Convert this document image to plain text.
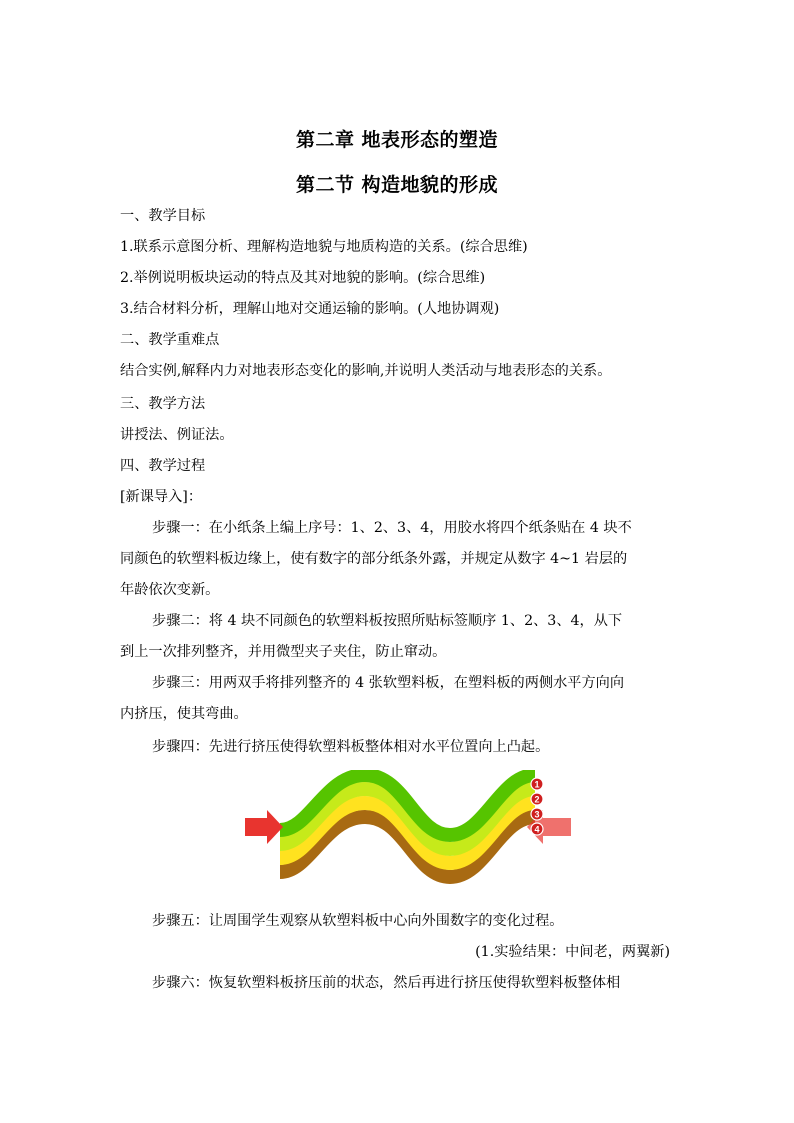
第二章 地表形态的塑造
第二节 构造地貌的形成
一、教学目标
1.联系示意图分析、理解构造地貌与地质构造的关系。(综合思维)
2.举例说明板块运动的特点及其对地貌的影响。(综合思维)
3.结合材料分析，理解山地对交通运输的影响。(人地协调观)
二、教学重难点
结合实例,解释内力对地表形态变化的影响,并说明人类活动与地表形态的关系。
三、教学方法
讲授法、例证法。
四、教学过程
[新课导入]：
步骤一：在小纸条上编上序号：1、2、3、4，用胶水将四个纸条贴在 4 块不
同颜色的软塑料板边缘上，使有数字的部分纸条外露，并规定从数字 4~1 岩层的
年龄依次变新。
步骤二：将 4 块不同颜色的软塑料板按照所贴标签顺序 1、2、3、4，从下
到上一次排列整齐，并用微型夹子夹住，防止窜动。
步骤三：用两双手将排列整齐的 4 张软塑料板，在塑料板的两侧水平方向向
内挤压，使其弯曲。
步骤四：先进行挤压使得软塑料板整体相对水平位置向上凸起。
1
2
3
4
步骤五：让周围学生观察从软塑料板中心向外围数字的变化过程。
(1.实验结果：中间老，两翼新)
步骤六：恢复软塑料板挤压前的状态，然后再进行挤压使得软塑料板整体相
